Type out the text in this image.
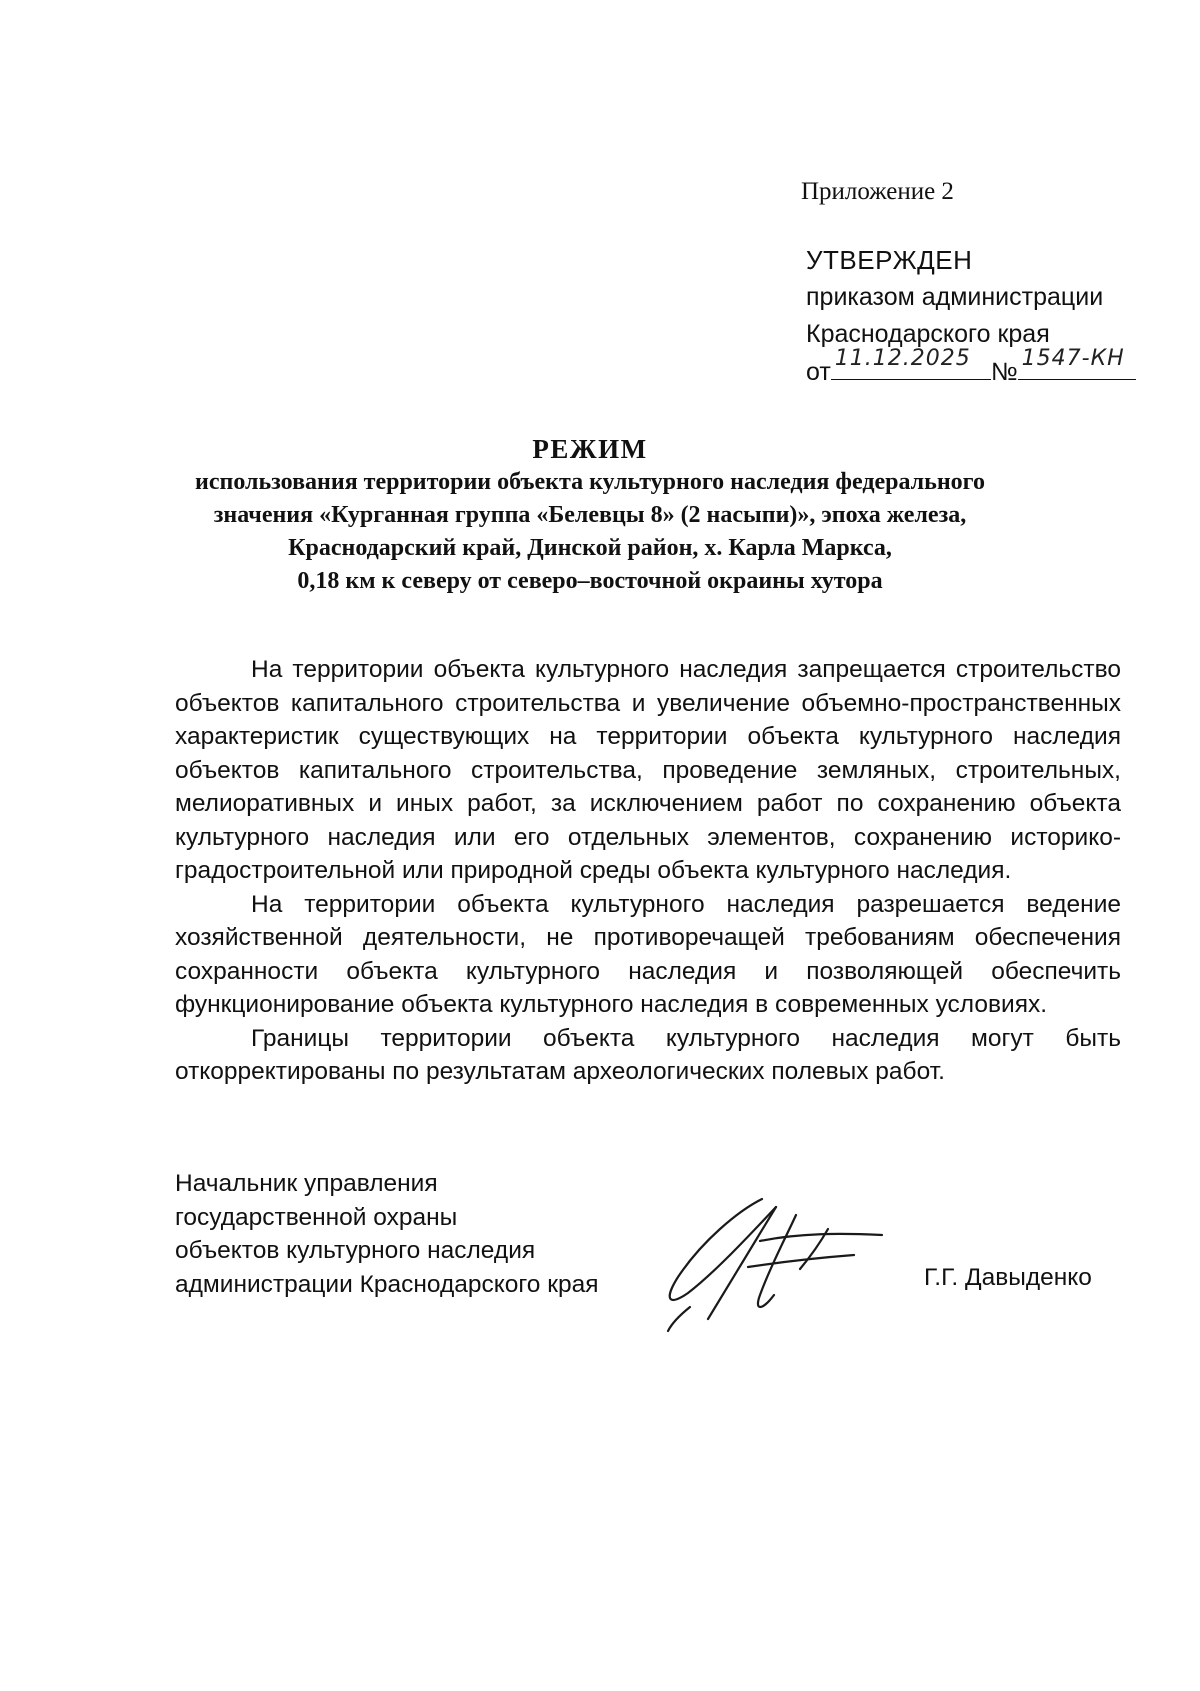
Приложение 2
УТВЕРЖДЕН
приказом администрации
Краснодарского края
от 11.12.2025 № 1547-КН
РЕЖИМ
использования территории объекта культурного наследия федерального
значения «Курганная группа «Белевцы 8» (2 насыпи)», эпоха железа,
Краснодарский край, Динской район, х. Карла Маркса,
0,18 км к северу от северо–восточной окраины хутора

На территории объекта культурного наследия запрещается строительство объектов капитального строительства и увеличение объемно-пространственных характеристик существующих на территории объекта культурного наследия объектов капитального строительства, проведение земляных, строительных, мелиоративных и иных работ, за исключением работ по сохранению объекта культурного наследия или его отдельных элементов, сохранению историко-градостроительной или природной среды объекта культурного наследия.

На территории объекта культурного наследия разрешается ведение хозяйственной деятельности, не противоречащей требованиям обеспечения сохранности объекта культурного наследия и позволяющей обеспечить функционирование объекта культурного наследия в современных условиях.

Границы территории объекта культурного наследия могут быть откорректированы по результатам археологических полевых работ.

Начальник управления
государственной охраны
объектов культурного наследия
администрации Краснодарского края	Г.Г. Давыденко
